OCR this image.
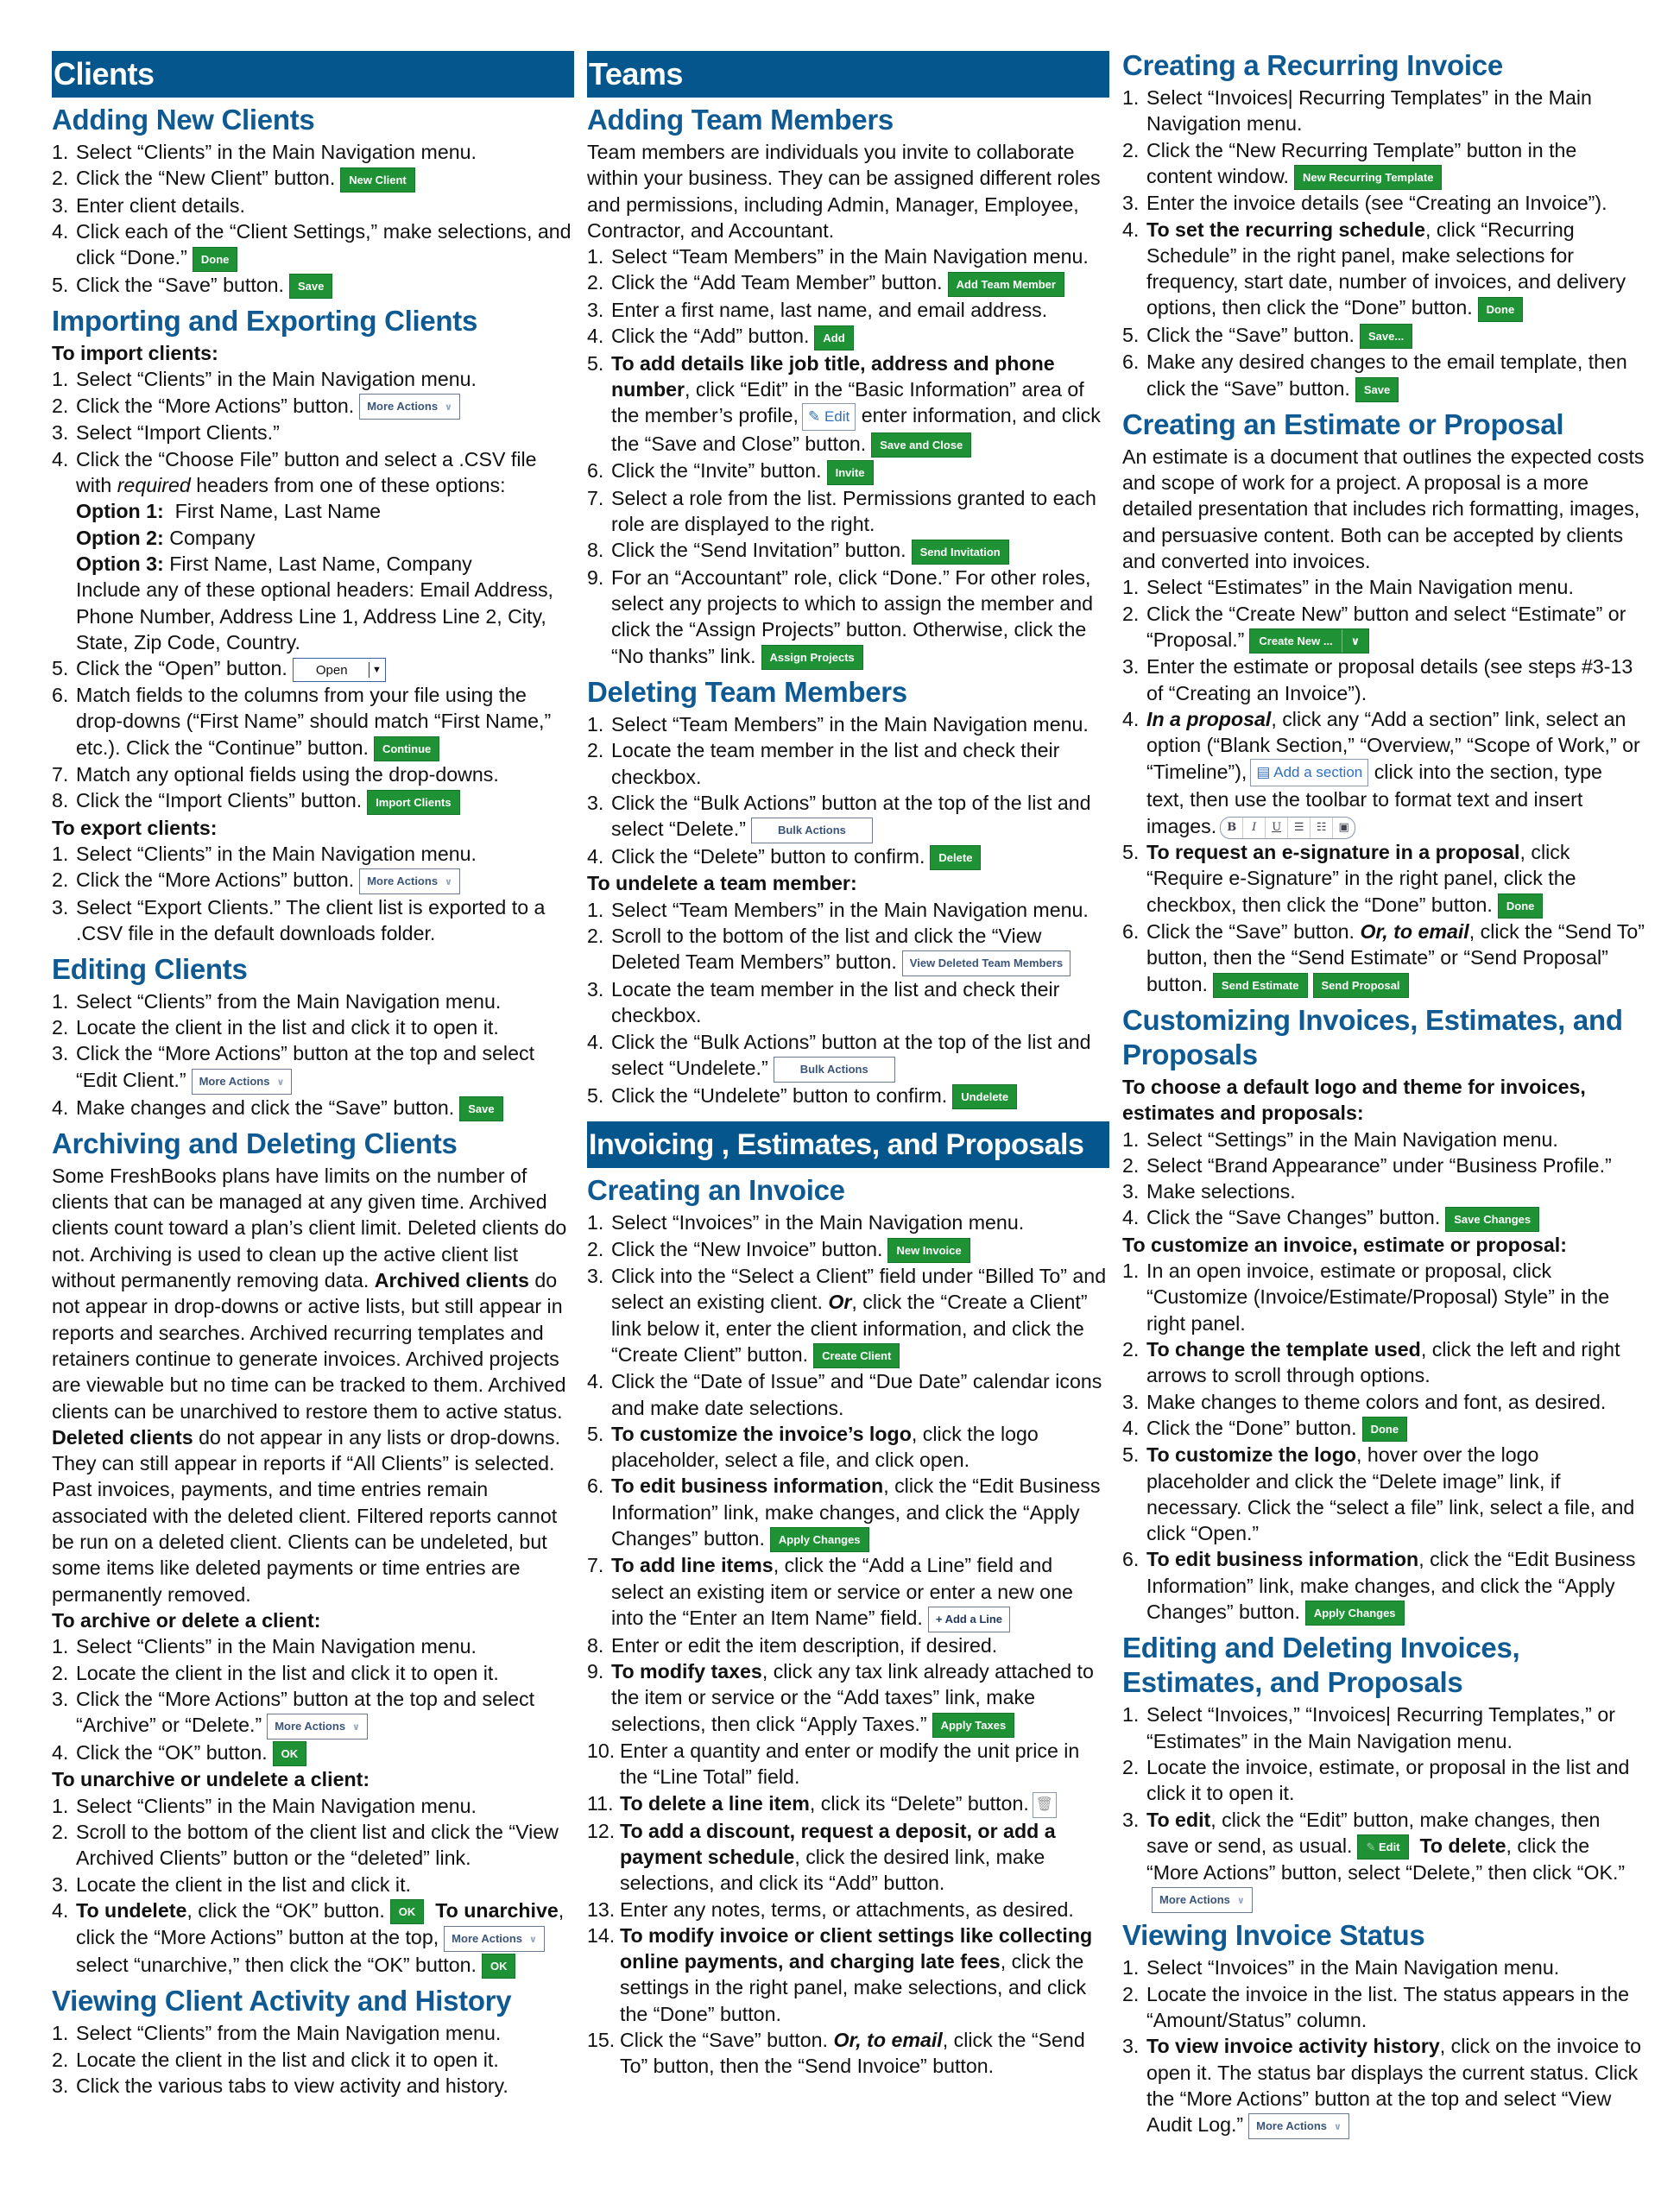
Clients
Adding New Clients
1. Select “Clients” in the Main Navigation menu.
2. Click the “New Client” button. New Client
3. Enter client details.
4. Click each of the “Client Settings,” make selections, and click “Done.” Done
5. Click the “Save” button. Save
Importing and Exporting Clients
To import clients:
1. Select “Clients” in the Main Navigation menu.
2. Click the “More Actions” button. More Actions ∨
3. Select “Import Clients.”
4. Click the “Choose File” button and select a .CSV file with required headers from one of these options:
Option 1: First Name, Last Name
Option 2: Company
Option 3: First Name, Last Name, Company
Include any of these optional headers: Email Address, Phone Number, Address Line 1, Address Line 2, City, State, Zip Code, Country.
5. Click the “Open” button. Open	▼
6. Match fields to the columns from your file using the drop-downs (“First Name” should match “First Name,” etc.). Click the “Continue” button. Continue
7. Match any optional fields using the drop-downs.
8. Click the “Import Clients” button. Import Clients
To export clients:
1. Select “Clients” in the Main Navigation menu.
2. Click the “More Actions” button. More Actions ∨
3. Select “Export Clients.” The client list is exported to a .CSV file in the default downloads folder.
Editing Clients
1. Select “Clients” from the Main Navigation menu.
2. Locate the client in the list and click it to open it.
3. Click the “More Actions” button at the top and select “Edit Client.” More Actions ∨
4. Make changes and click the “Save” button. Save
Archiving and Deleting Clients

Some FreshBooks plans have limits on the number of clients that can be managed at any given time. Archived clients count toward a plan’s client limit. Deleted clients do not. Archiving is used to clean up the active client list without permanently removing data. Archived clients do not appear in drop-downs or active lists, but still appear in reports and searches. Archived recurring templates and retainers continue to generate invoices. Archived projects are viewable but no time can be tracked to them. Archived clients can be unarchived to restore them to active status. Deleted clients do not appear in any lists or drop-downs. They can still appear in reports if “All Clients” is selected. Past invoices, payments, and time entries remain associated with the deleted client. Filtered reports cannot be run on a deleted client. Clients can be undeleted, but some items like deleted payments or time entries are permanently removed.

To archive or delete a client:
1. Select “Clients” in the Main Navigation menu.
2. Locate the client in the list and click it to open it.
3. Click the “More Actions” button at the top and select “Archive” or “Delete.” More Actions ∨
4. Click the “OK” button. OK
To unarchive or undelete a client:
1. Select “Clients” in the Main Navigation menu.
2. Scroll to the bottom of the client list and click the “View Archived Clients” button or the “deleted” link.
3. Locate the client in the list and click it.
4. To undelete, click the “OK” button. OK To unarchive, click the “More Actions” button at the top, More Actions ∨ select “unarchive,” then click the “OK” button. OK
Viewing Client Activity and History
1. Select “Clients” from the Main Navigation menu.
2. Locate the client in the list and click it to open it.
3. Click the various tabs to view activity and history.
Teams
Adding Team Members

Team members are individuals you invite to collaborate within your business. They can be assigned different roles and permissions, including Admin, Manager, Employee, Contractor, and Accountant.

1. Select “Team Members” in the Main Navigation menu.
2. Click the “Add Team Member” button. Add Team Member
3. Enter a first name, last name, and email address.
4. Click the “Add” button. Add
5. To add details like job title, address and phone number, click “Edit” in the “Basic Information” area of the member’s profile, ✎ Edit enter information, and click the “Save and Close” button. Save and Close
6. Click the “Invite” button. Invite
7. Select a role from the list. Permissions granted to each role are displayed to the right.
8. Click the “Send Invitation” button. Send Invitation
9. For an “Accountant” role, click “Done.” For other roles, select any projects to which to assign the member and click the “Assign Projects” button. Otherwise, click the “No thanks” link. Assign Projects
Deleting Team Members
1. Select “Team Members” in the Main Navigation menu.
2. Locate the team member in the list and check their checkbox.
3. Click the “Bulk Actions” button at the top of the list and select “Delete.”	Bulk Actions
4. Click the “Delete” button to confirm. Delete
To undelete a team member:
1. Select “Team Members” in the Main Navigation menu.
2. Scroll to the bottom of the list and click the “View Deleted Team Members” button. View Deleted Team Members
3. Locate the team member in the list and check their checkbox.
4. Click the “Bulk Actions” button at the top of the list and select “Undelete.”	Bulk Actions
5. Click the “Undelete” button to confirm. Undelete
Invoicing , Estimates, and Proposals
Creating an Invoice
1. Select “Invoices” in the Main Navigation menu.
2. Click the “New Invoice” button. New Invoice
3. Click into the “Select a Client” field under “Billed To” and select an existing client. Or, click the “Create a Client” link below it, enter the client information, and click the “Create Client” button. Create Client
4. Click the “Date of Issue” and “Due Date” calendar icons and make date selections.
5. To customize the invoice’s logo, click the logo placeholder, select a file, and click open.
6. To edit business information, click the “Edit Business Information” link, make changes, and click the “Apply Changes” button. Apply Changes
7. To add line items, click the “Add a Line” field and select an existing item or service or enter a new one into the “Enter an Item Name” field. + Add a Line
8. Enter or edit the item description, if desired.
9. To modify taxes, click any tax link already attached to the item or service or the “Add taxes” link, make selections, then click “Apply Taxes.” Apply Taxes
10. Enter a quantity and enter or modify the unit price in the “Line Total” field.
11. To delete a line item, click its “Delete” button. 🗑
12. To add a discount, request a deposit, or add a payment schedule, click the desired link, make selections, and click its “Add” button.
13. Enter any notes, terms, or attachments, as desired.
14. To modify invoice or client settings like collecting online payments, and charging late fees, click the settings in the right panel, make selections, and click the “Done” button.
15. Click the “Save” button. Or, to email, click the “Send To” button, then the “Send Invoice” button.
Creating a Recurring Invoice
1. Select “Invoices| Recurring Templates” in the Main Navigation menu.
2. Click the “New Recurring Template” button in the content window. New Recurring Template
3. Enter the invoice details (see “Creating an Invoice”).
4. To set the recurring schedule, click “Recurring Schedule” in the right panel, make selections for frequency, start date, number of invoices, and delivery options, then click the “Done” button. Done
5. Click the “Save” button. Save...
6. Make any desired changes to the email template, then click the “Save” button. Save
Creating an Estimate or Proposal

An estimate is a document that outlines the expected costs and scope of work for a project. A proposal is a more detailed presentation that includes rich formatting, images, and persuasive content. Both can be accepted by clients and converted into invoices.

1. Select “Estimates” in the Main Navigation menu.
2. Click the “Create New” button and select “Estimate” or “Proposal.”	Create New ...	∨
3. Enter the estimate or proposal details (see steps #3-13 of “Creating an Invoice”).
4. In a proposal, click any “Add a section” link, select an option (“Blank Section,” “Overview,” “Scope of Work,” or “Timeline”), ▤ Add a section click into the section, type text, then use the toolbar to format text and insert images. B	I	U	☰	☷	▣
5. To request an e-signature in a proposal, click “Require e-Signature” in the right panel, click the checkbox, then click the “Done” button. Done
6. Click the “Save” button. Or, to email, click the “Send To” button, then the “Send Estimate” or “Send Proposal” button. Send Estimate Send Proposal
Customizing Invoices, Estimates, and Proposals
To choose a default logo and theme for invoices, estimates and proposals:
1. Select “Settings” in the Main Navigation menu.
2. Select “Brand Appearance” under “Business Profile.”
3. Make selections.
4. Click the “Save Changes” button. Save Changes
To customize an invoice, estimate or proposal:
1. In an open invoice, estimate or proposal, click “Customize (Invoice/Estimate/Proposal) Style” in the right panel.
2. To change the template used, click the left and right arrows to scroll through options.
3. Make changes to theme colors and font, as desired.
4. Click the “Done” button. Done
5. To customize the logo, hover over the logo placeholder and click the “Delete image” link, if necessary. Click the “select a file” link, select a file, and click “Open.”
6. To edit business information, click the “Edit Business Information” link, make changes, and click the “Apply Changes” button. Apply Changes
Editing and Deleting Invoices, Estimates, and Proposals
1. Select “Invoices,” “Invoices| Recurring Templates,” or “Estimates” in the Main Navigation menu.
2. Locate the invoice, estimate, or proposal in the list and click it to open it.
3. To edit, click the “Edit” button, make changes, then save or send, as usual. ✎ Edit To delete, click the “More Actions” button, select “Delete,” then click “OK.”More Actions ∨
Viewing Invoice Status
1. Select “Invoices” in the Main Navigation menu.
2. Locate the invoice in the list. The status appears in the “Amount/Status” column.
3. To view invoice activity history, click on the invoice to open it. The status bar displays the current status. Click the “More Actions” button at the top and select “View Audit Log.” More Actions ∨
